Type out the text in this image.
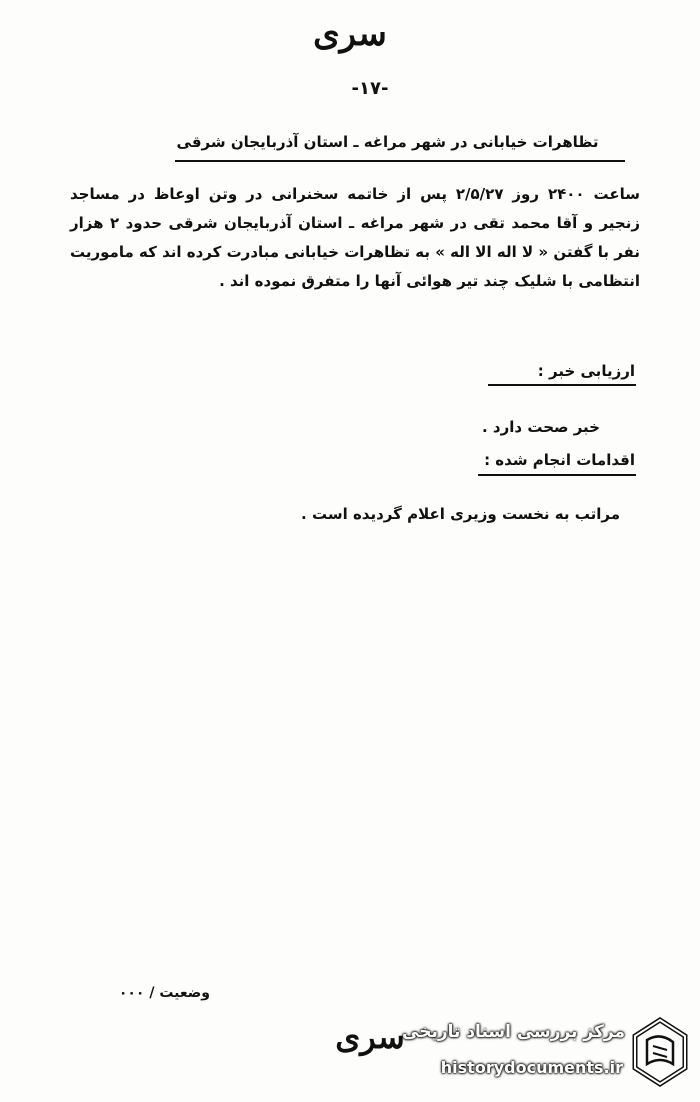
سری
-۱۷-
تظاهرات خیابانی در شهر مراغه ـ استان آذربایجان شرقی
ساعت ۲۴۰۰ روز ۲/۵/۲۷ پس از خاتمه سخنرانی در وتن اوعاظ در مساجد زنجیر و آقا محمد تقی در شهر مراغه ـ استان آذربایجان شرقی حدود ۲ هزار نفر با گفتن « لا اله الا اله » به تظاهرات خیابانی مبادرت کرده اند که ماموریت انتظامی با شلیک چند تیر هوائی آنها را متفرق نموده اند .
ارزیابی خبر :
خبر صحت دارد .
اقدامات انجام شده :
مراتب به نخست وزیری اعلام گردیده است .
وضعیت / ۰۰۰
سری
مرکز بررسی اسناد تاریخی
historydocuments.ir
